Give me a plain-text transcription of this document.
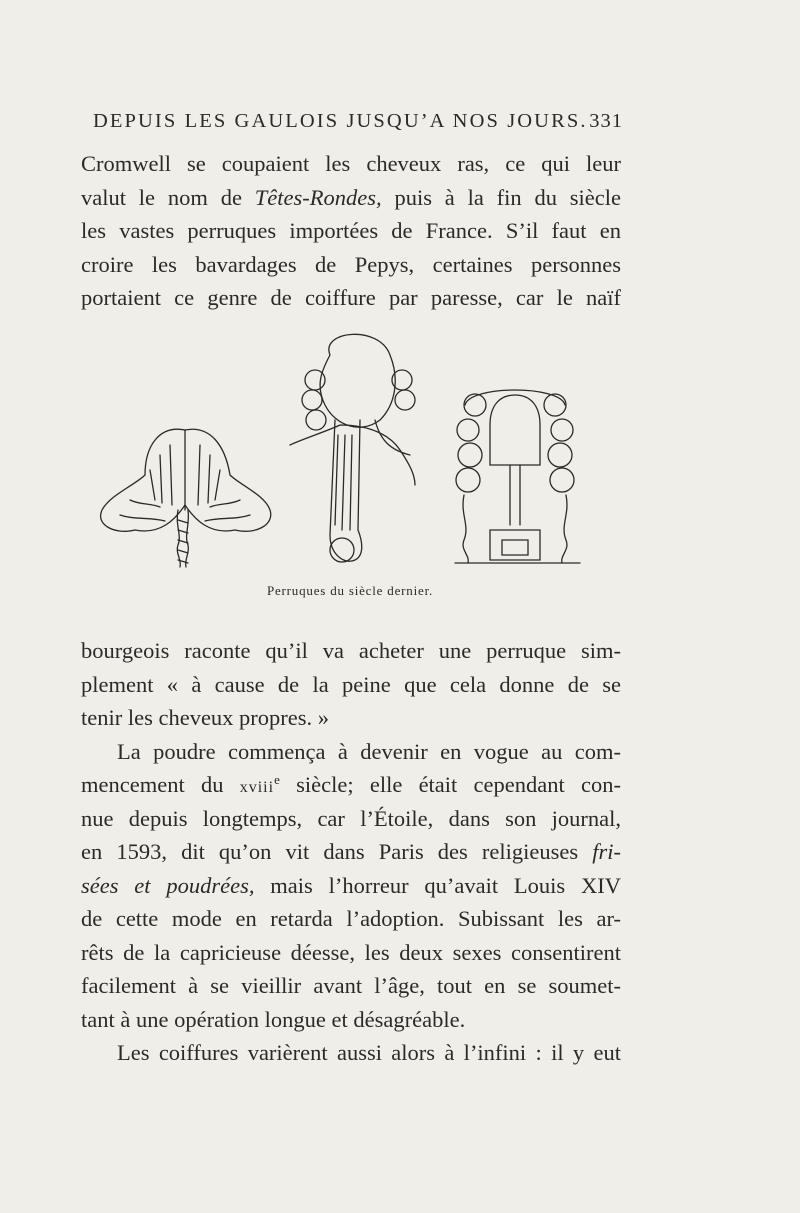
DEPUIS LES GAULOIS JUSQU’A NOS JOURS. 331
Cromwell se coupaient les cheveux ras, ce qui leur
valut le nom de Têtes-Rondes, puis à la fin du siècle
les vastes perruques importées de France. S’il faut en
croire les bavardages de Pepys, certaines personnes
portaient ce genre de coiffure par paresse, car le naïf
Perruques du siècle dernier.
bourgeois raconte qu’il va acheter une perruque sim-
plement « à cause de la peine que cela donne de se
tenir les cheveux propres. »
La poudre commença à devenir en vogue au com-
mencement du xviii$^e$ siècle; elle était cependant con-
nue depuis longtemps, car l’Étoile, dans son journal,
en 1593, dit qu’on vit dans Paris des religieuses fri-
sées et poudrées, mais l’horreur qu’avait Louis XIV
de cette mode en retarda l’adoption. Subissant les ar-
rêts de la capricieuse déesse, les deux sexes consentirent
facilement à se vieillir avant l’âge, tout en se soumet-
tant à une opération longue et désagréable.
Les coiffures varièrent aussi alors à l’infini : il y eut
